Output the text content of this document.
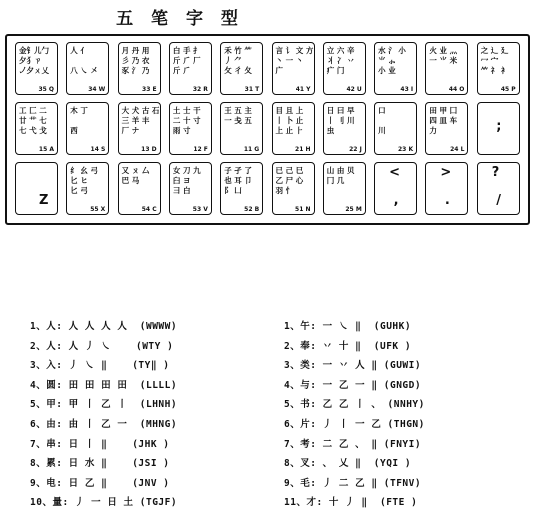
五 笔 字 型
金钅儿勹
夕犭ㄗ
㇢夕ㄨ乂
35 Q
人 亻

八 ㇏ 㐅
34 W
月 丹 用
彡 乃 衣
豕 氵 乃
33 E
白 手 扌
斤 ⺁ 厂
斤 ⺁
32 R
禾 竹 ⺮
丿 ⺈
攵 彳 夂
31 T
言 讠 文 方
丶 一 丶
广
41 Y
立 六 辛
丬 冫 丷
疒 门
42 U
水 氵 小
⺌ ⺗
小 业
43 I
火 业 灬
一 ⺌ 米
44 O
之 辶 廴
冖 宀
⺮ 礻 衤
45 P
工 匚 二
廿 艹 七
七 弋 戈
15 A
木 丁

西
14 S
大 犬 古 石
三 羊 丰
厂 ナ
13 D
土 士 干
二 十 寸
雨 寸
12 F
王 五 主
一 戋 五
11 G
目 且 上
丨 卜 止
上 止 ⺊
21 H
日 曰 早
丨 刂 川
虫
22 J
口

川
23 K
田 甲 囗
四 皿 车
力
24 L

;

Z
纟 幺 弓
匕 ヒ
匕 弓
55 X
又 ㄡ 厶
巴 马
54 C
女 刀 九
臼 ヨ
彐 白
53 V
子 孑 了
也 耳 卩
阝 凵
52 B
已 己 巳
乙 尸 心
羽 忄
51 N
山 由 贝
冂 几
25 M
<

,
>

.
?

/
1、人: 人 人 人 人  (WWWW)
2、人: 人 丿 ㇏    (WTY )
3、入: 丿 ㇏ ‖    (TY‖ )
4、圆: 田 田 田 田  (LLLL)
5、甲: 甲 丨 乙 丨  (LHNH)
6、由: 由 丨 乙 一  (MHNG)
7、串: 日 丨 ‖    (JHK )
8、累: 日 水 ‖    (JSI )
9、电: 日 乙 ‖    (JNV )
10、量: 丿 一 日 土 (TGJF)
1、午: 一 ㇏ ‖  (GUHK)
2、奉: 丷 十 ‖  (UFK )
3、类: 一 丷 人 ‖ (GUWI)
4、与: 一 乙 一 ‖ (GNGD)
5、书: 乙 乙 丨 、 (NNHY)
6、片: 丿 丨 一 乙 (THGN)
7、考: 二 乙 、 ‖ (FNYI)
8、叉: 、 乂 ‖  (YQI )
9、毛: 丿 二 乙 ‖ (TFNV)
11、才: 十 丿 ‖  (FTE )
